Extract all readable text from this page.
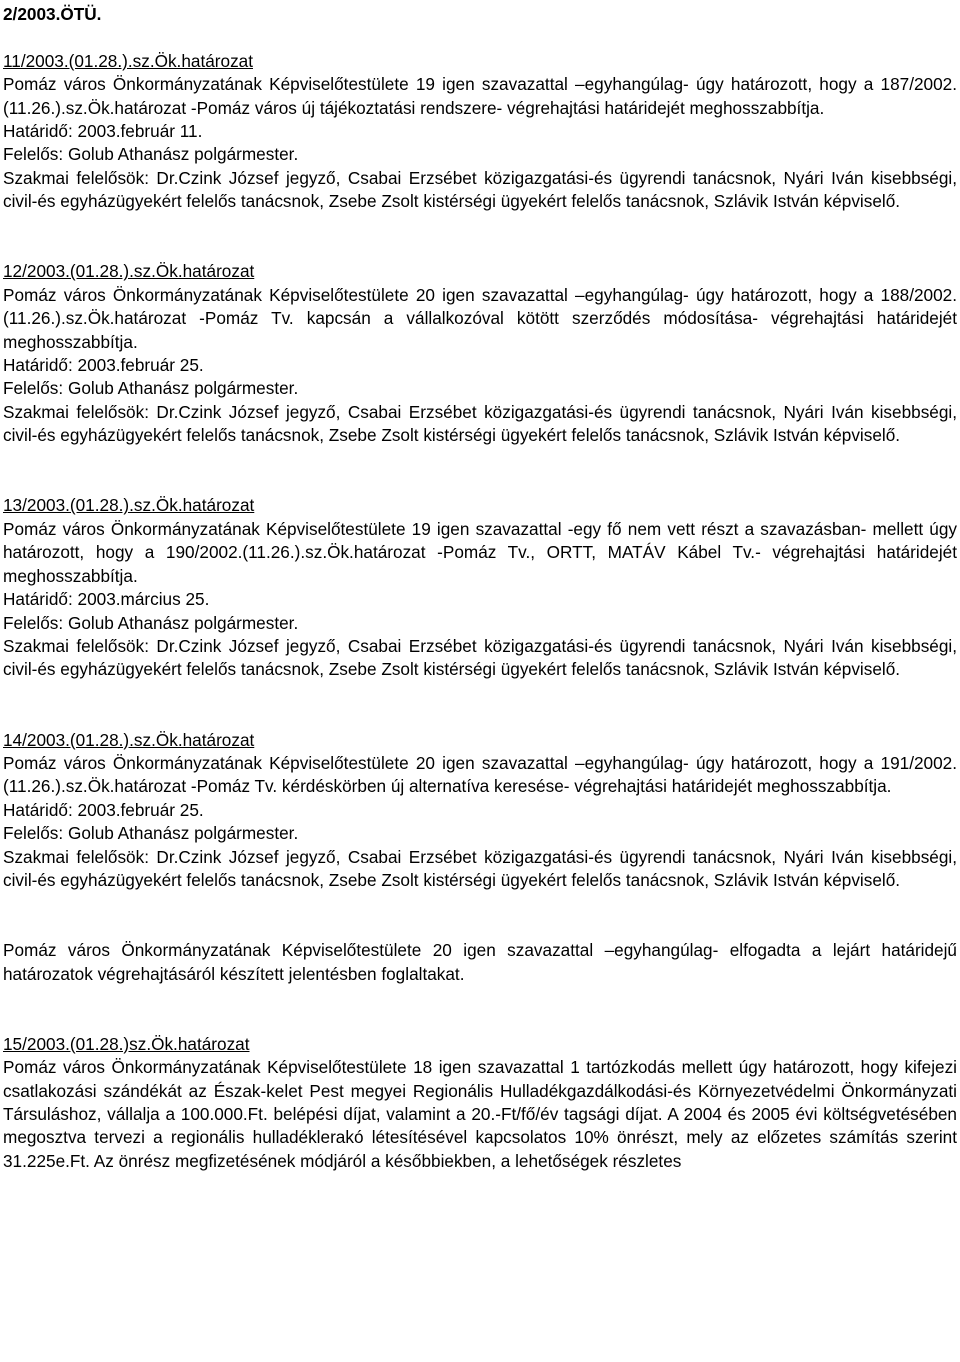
2/2003.ÖTÜ.

11/2003.(01.28.).sz.Ök.határozat

Pomáz város Önkormányzatának Képviselőtestülete 19 igen szavazattal –egyhangúlag- úgy határozott, hogy a 187/2002.(11.26.).sz.Ök.határozat -Pomáz város új tájékoztatási rendszere- végrehajtási határidejét meghosszabbítja.

Határidő: 2003.február 11.

Felelős: Golub Athanász polgármester.

Szakmai felelősök: Dr.Czink József jegyző, Csabai Erzsébet közigazgatási-és ügyrendi tanácsnok, Nyári Iván kisebbségi, civil-és egyházügyekért felelős tanácsnok, Zsebe Zsolt kistérségi ügyekért felelős tanácsnok, Szlávik István képviselő.

12/2003.(01.28.).sz.Ök.határozat

Pomáz város Önkormányzatának Képviselőtestülete 20 igen szavazattal –egyhangúlag- úgy határozott, hogy a 188/2002.(11.26.).sz.Ök.határozat -Pomáz Tv. kapcsán a vállalkozóval kötött szerződés módosítása- végrehajtási határidejét meghosszabbítja.

Határidő: 2003.február 25.

Felelős: Golub Athanász polgármester.

Szakmai felelősök: Dr.Czink József jegyző, Csabai Erzsébet közigazgatási-és ügyrendi tanácsnok, Nyári Iván kisebbségi, civil-és egyházügyekért felelős tanácsnok, Zsebe Zsolt kistérségi ügyekért felelős tanácsnok, Szlávik István képviselő.

13/2003.(01.28.).sz.Ök.határozat

Pomáz város Önkormányzatának Képviselőtestülete 19 igen szavazattal -egy fő nem vett részt a szavazásban- mellett úgy határozott, hogy a 190/2002.(11.26.).sz.Ök.határozat -Pomáz Tv., ORTT, MATÁV Kábel Tv.- végrehajtási határidejét meghosszabbítja.

Határidő: 2003.március 25.

Felelős: Golub Athanász polgármester.

Szakmai felelősök: Dr.Czink József jegyző, Csabai Erzsébet közigazgatási-és ügyrendi tanácsnok, Nyári Iván kisebbségi, civil-és egyházügyekért felelős tanácsnok, Zsebe Zsolt kistérségi ügyekért felelős tanácsnok, Szlávik István képviselő.

14/2003.(01.28.).sz.Ök.határozat

Pomáz város Önkormányzatának Képviselőtestülete 20 igen szavazattal –egyhangúlag- úgy határozott, hogy a 191/2002.(11.26.).sz.Ök.határozat -Pomáz Tv. kérdéskörben új alternatíva keresése- végrehajtási határidejét meghosszabbítja.

Határidő: 2003.február 25.

Felelős: Golub Athanász polgármester.

Szakmai felelősök: Dr.Czink József jegyző, Csabai Erzsébet közigazgatási-és ügyrendi tanácsnok, Nyári Iván kisebbségi, civil-és egyházügyekért felelős tanácsnok, Zsebe Zsolt kistérségi ügyekért felelős tanácsnok, Szlávik István képviselő.

Pomáz város Önkormányzatának Képviselőtestülete 20 igen szavazattal –egyhangúlag- elfogadta a lejárt határidejű határozatok végrehajtásáról készített jelentésben foglaltakat.

15/2003.(01.28.)sz.Ök.határozat

Pomáz város Önkormányzatának Képviselőtestülete 18 igen szavazattal 1 tartózkodás mellett úgy határozott, hogy kifejezi csatlakozási szándékát az Észak-kelet Pest megyei Regionális Hulladékgazdálkodási-és Környezetvédelmi Önkormányzati Társuláshoz, vállalja a 100.000.Ft. belépési díjat, valamint a 20.-Ft/fő/év tagsági díjat. A 2004 és 2005 évi költségvetésében megosztva tervezi a regionális hulladéklerakó létesítésével kapcsolatos 10% önrészt, mely az előzetes számítás szerint 31.225e.Ft. Az önrész megfizetésének módjáról a későbbiekben, a lehetőségek részletes
